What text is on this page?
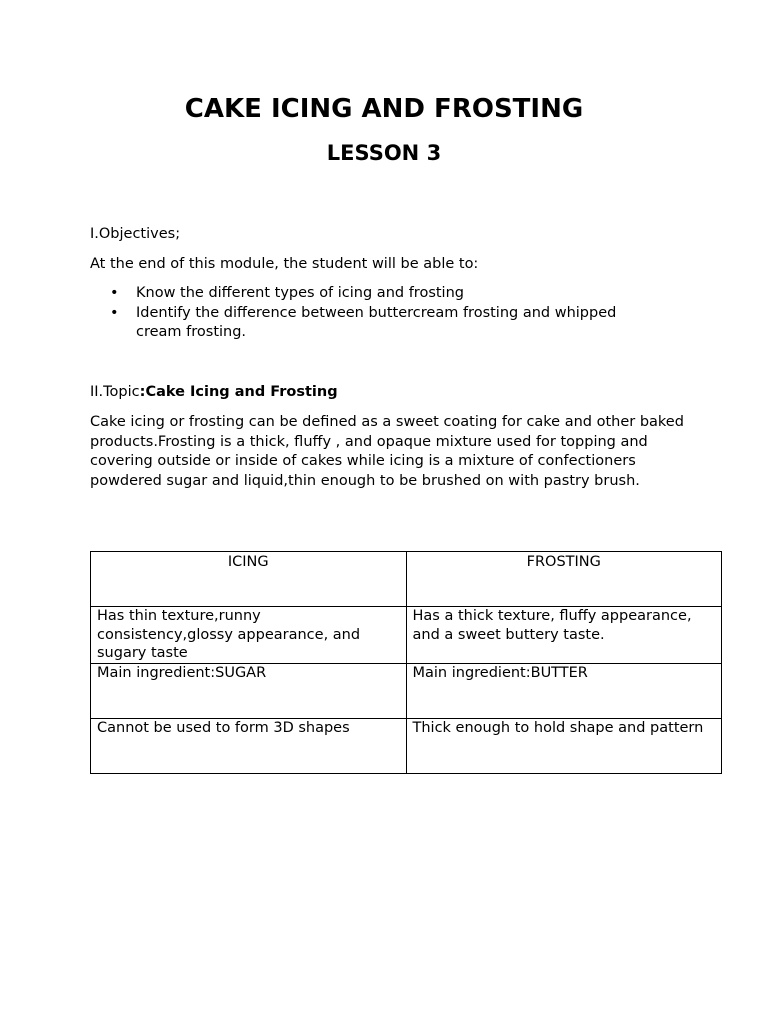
CAKE ICING AND FROSTING
LESSON 3

I.Objectives;

At the end of this module, the student will be able to:

• Know the different types of icing and frosting
• Identify the difference between buttercream frosting and whipped cream frosting.

II.Topic:Cake Icing and Frosting

Cake icing or frosting can be defined as a sweet coating for cake and other baked products.Frosting is a thick, fluffy , and opaque mixture used for topping and covering outside or inside of cakes while icing is a mixture of confectioners powdered sugar and liquid,thin enough to be brushed on with pastry brush.

ICING	FROSTING
Has thin texture,runny consistency,glossy appearance, and sugary taste	Has a thick texture, fluffy appearance, and a sweet buttery taste.
Main ingredient:SUGAR	Main ingredient:BUTTER
Cannot be used to form 3D shapes	Thick enough to hold shape and pattern
